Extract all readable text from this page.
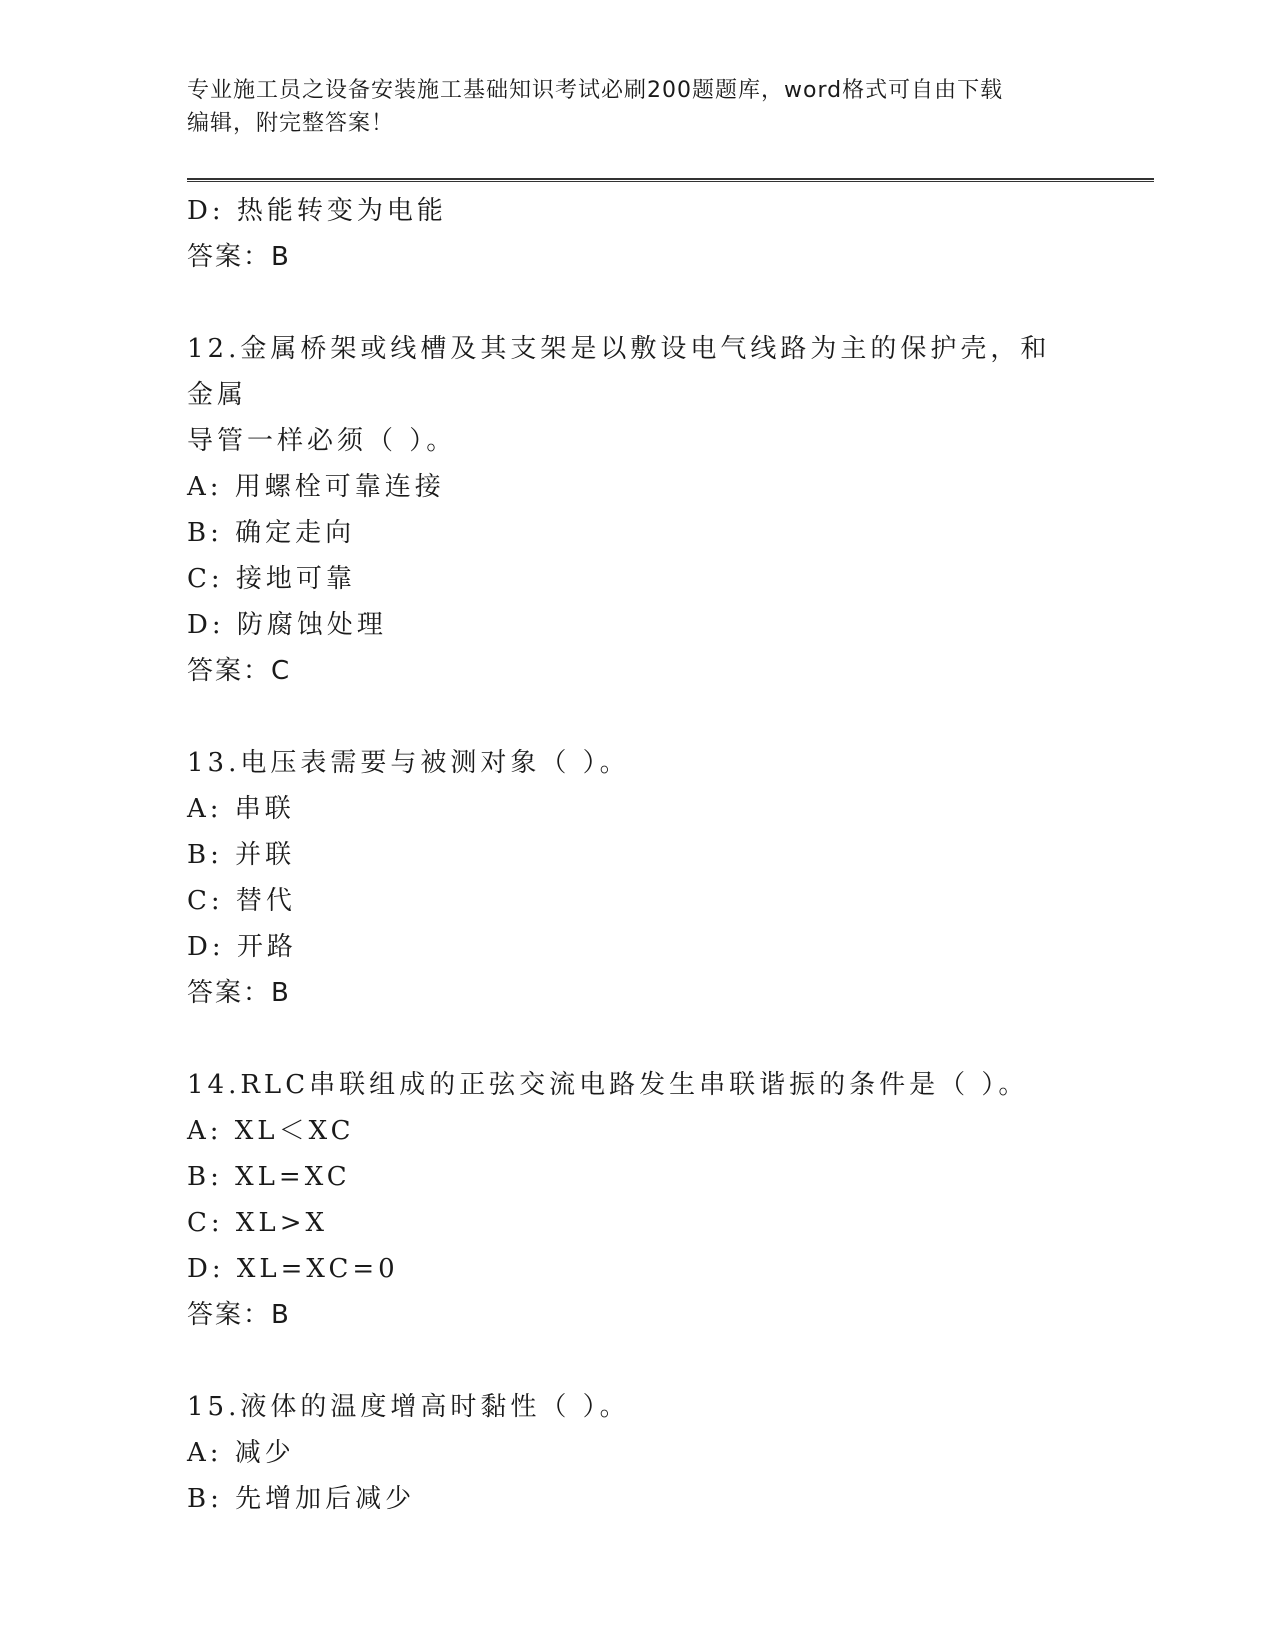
专业施工员之设备安装施工基础知识考试必刷200题题库，word格式可自由下载
编辑，附完整答案！
D: 热能转变为电能
答案：B
12.金属桥架或线槽及其支架是以敷设电气线路为主的保护壳，和金属
导管一样必须（ ）。
A: 用螺栓可靠连接
B: 确定走向
C: 接地可靠
D: 防腐蚀处理
答案：C
13.电压表需要与被测对象（ ）。
A: 串联
B: 并联
C: 替代
D: 开路
答案：B
14.RLC串联组成的正弦交流电路发生串联谐振的条件是（ ）。
A: XL＜XC
B: XL=XC
C: XL>X
D: XL=XC=0
答案：B
15.液体的温度增高时黏性（ ）。
A: 减少
B: 先增加后减少
